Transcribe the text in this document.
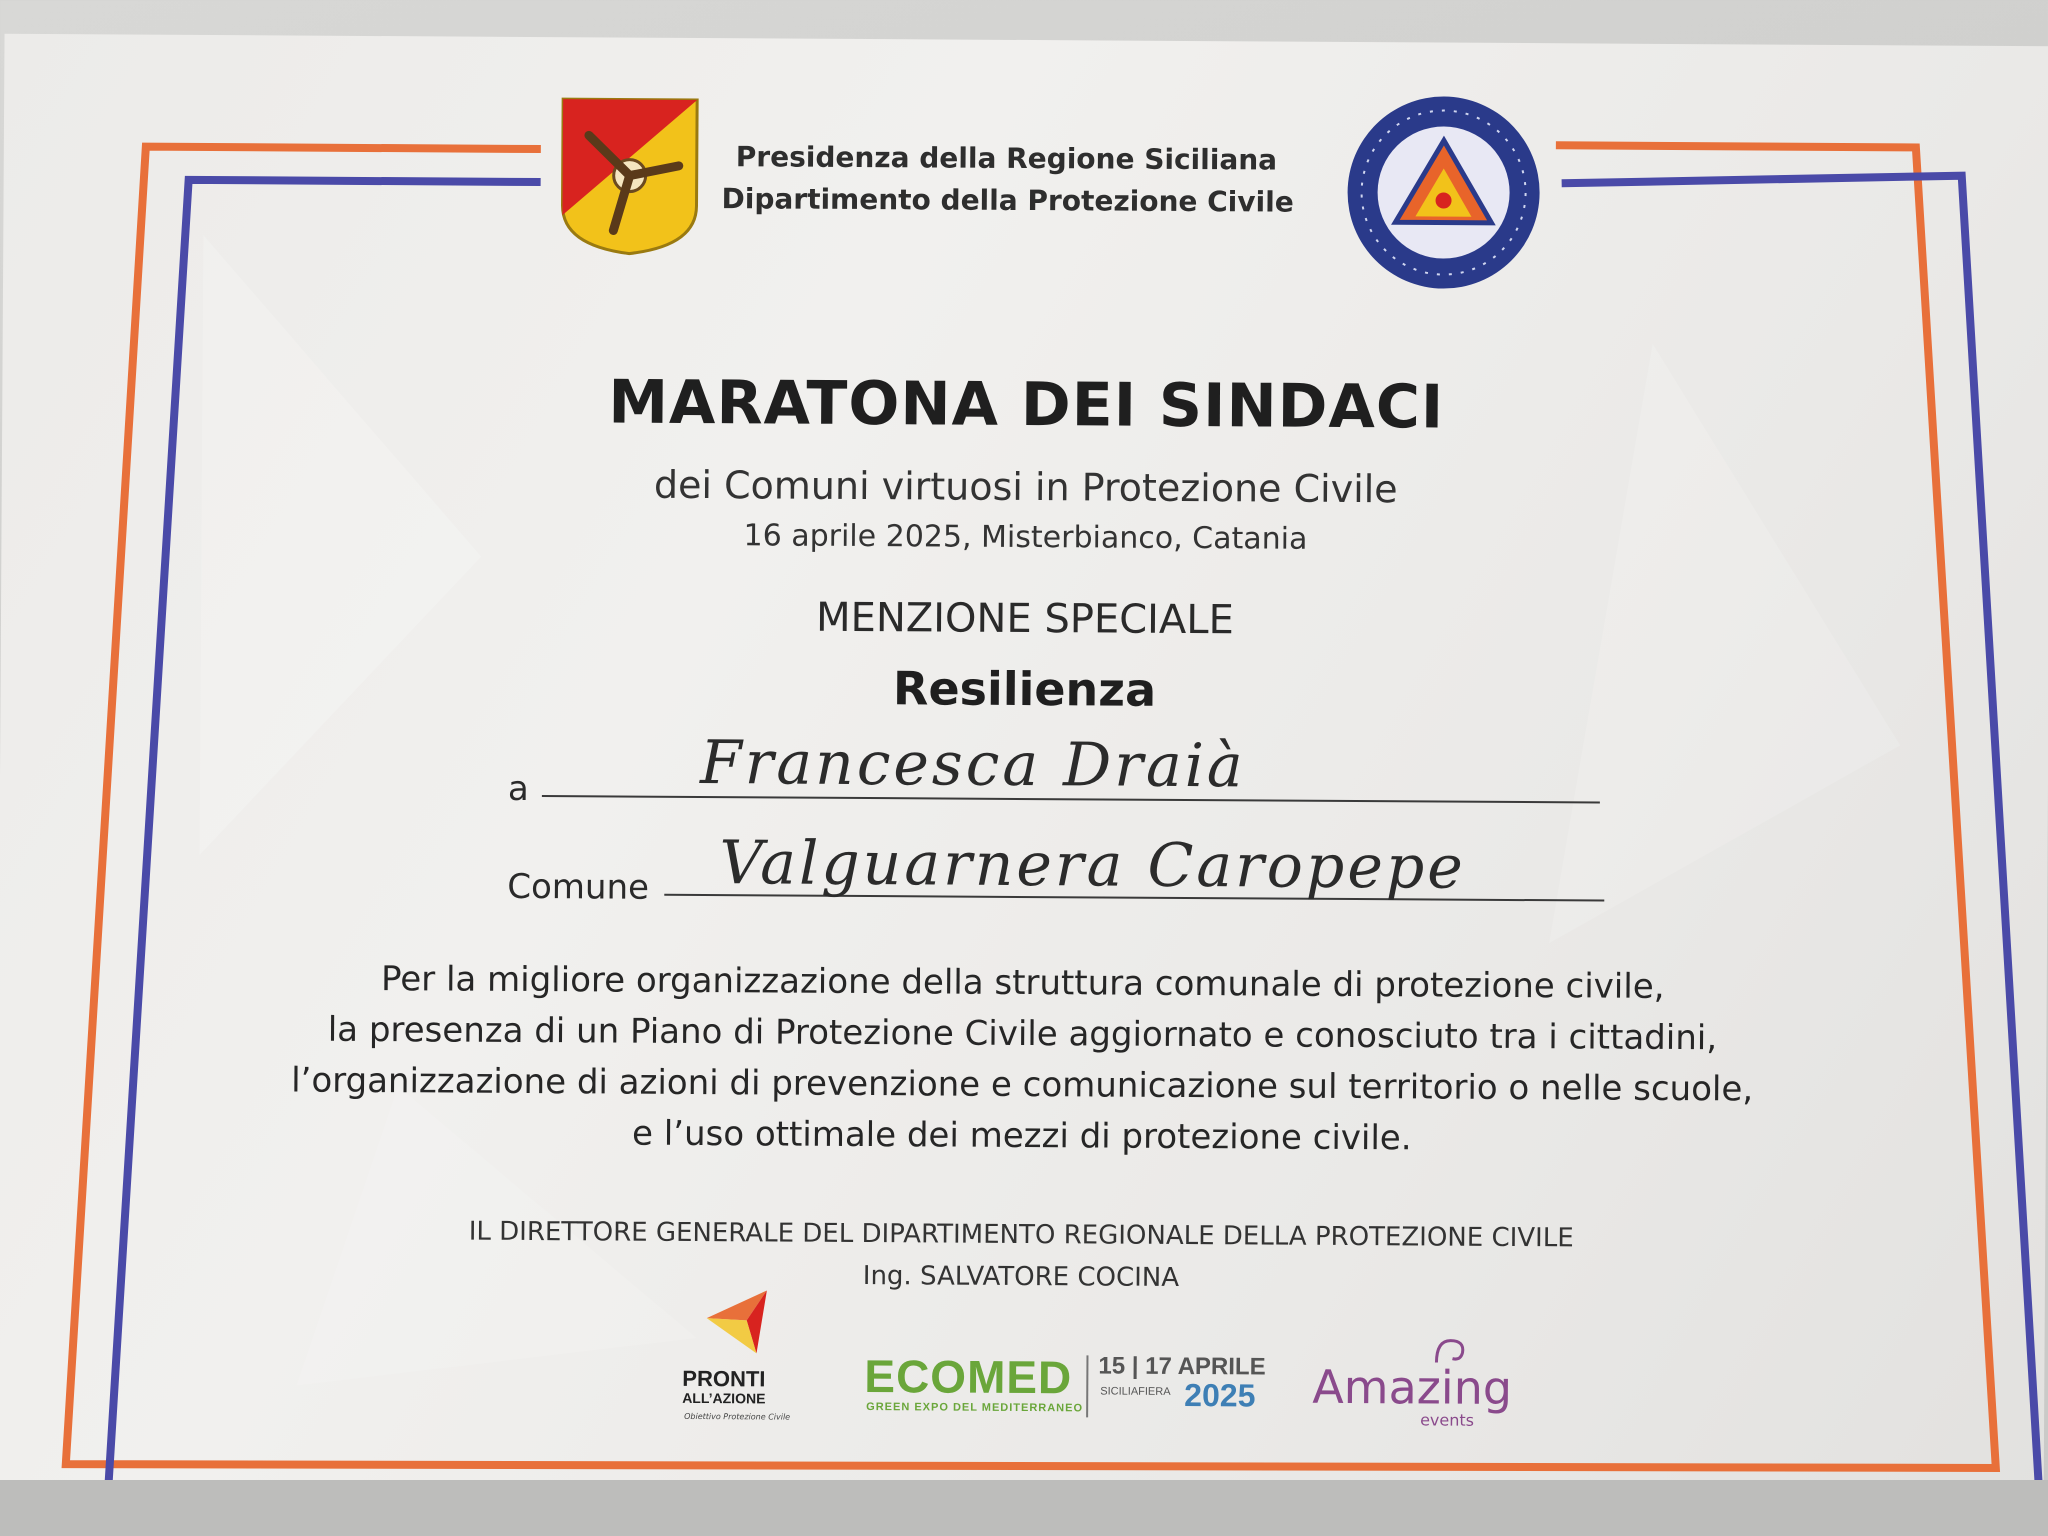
Presidenza della Regione Siciliana
Dipartimento della Protezione Civile
MARATONA DEI SINDACI
dei Comuni virtuosi in Protezione Civile
16 aprile 2025, Misterbianco, Catania
MENZIONE SPECIALE
Resilienza
a	Francesca Draià
Comune Valguarnera Caropepe
Per la migliore organizzazione della struttura comunale di protezione civile,
la presenza di un Piano di Protezione Civile aggiornato e conosciuto tra i cittadini,
l’organizzazione di azioni di prevenzione e comunicazione sul territorio o nelle scuole,
e l’uso ottimale dei mezzi di protezione civile.
IL DIRETTORE GENERALE DEL DIPARTIMENTO REGIONALE DELLA PROTEZIONE CIVILE
Ing. SALVATORE COCINA
PRONTI
ALL’AZIONE
Obiettivo Protezione Civile
ECOMED
GREEN EXPO DEL MEDITERRANEO
15 | 17 APRILE
SICILIAFIERA 2025 Amazing
events
